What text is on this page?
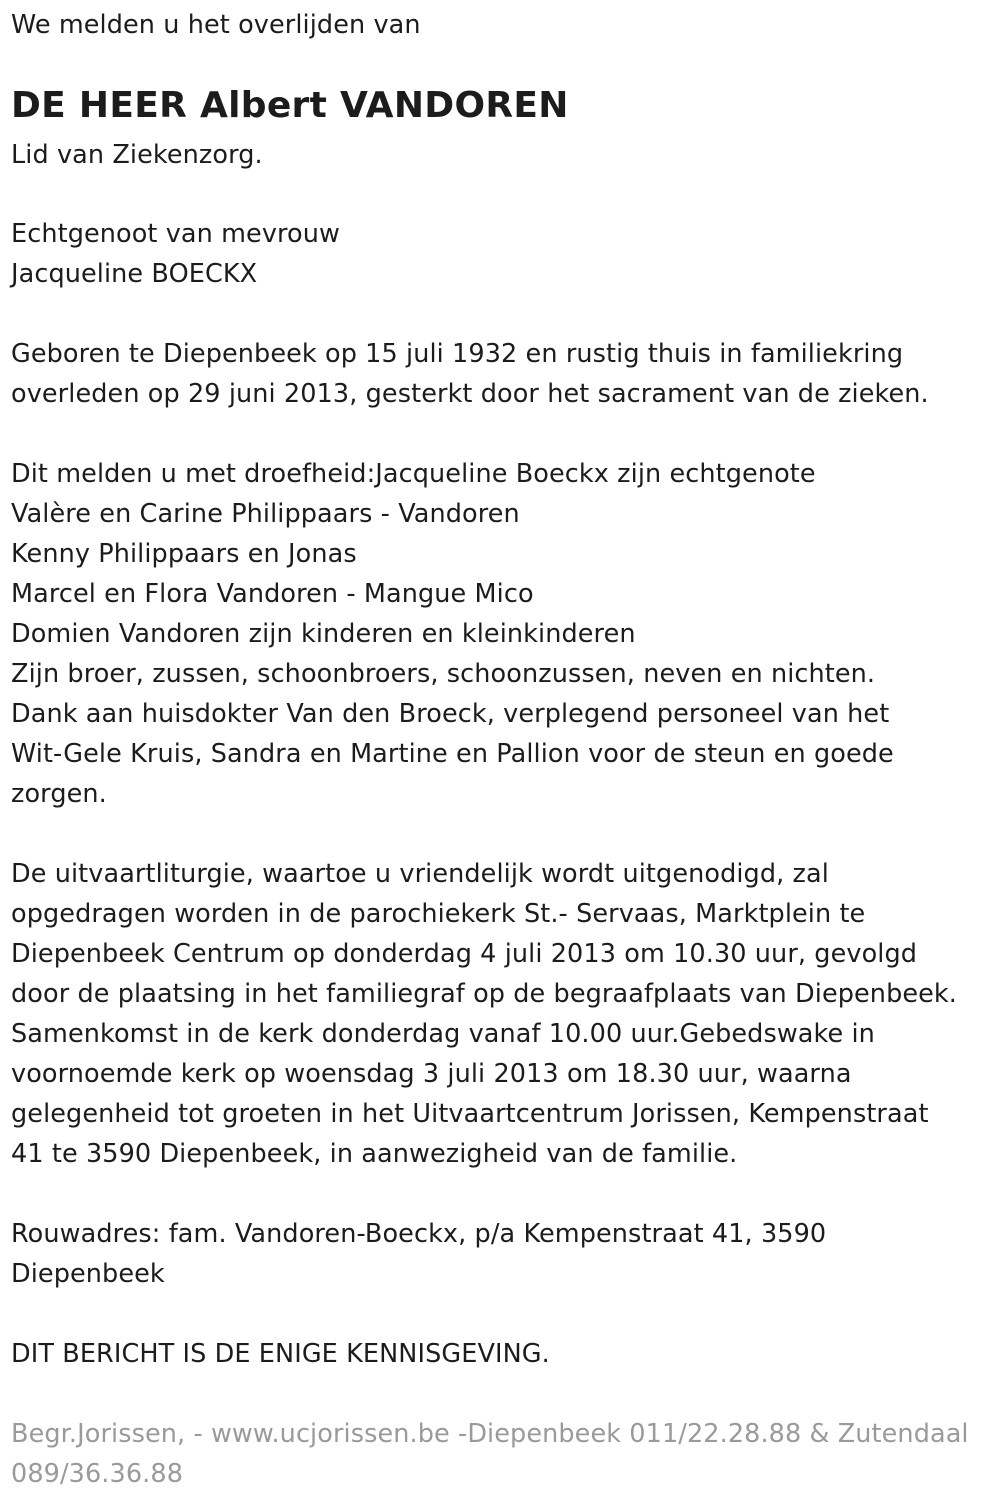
We melden u het overlijden van
DE HEER Albert VANDOREN
Lid van Ziekenzorg.
Echtgenoot van mevrouw
Jacqueline BOECKX
Geboren te Diepenbeek op 15 juli 1932 en rustig thuis in familiekring
overleden op 29 juni 2013, gesterkt door het sacrament van de zieken.
Dit melden u met droefheid:Jacqueline Boeckx zijn echtgenote
Valère en Carine Philippaars - Vandoren
Kenny Philippaars en Jonas
Marcel en Flora Vandoren - Mangue Mico
Domien Vandoren zijn kinderen en kleinkinderen
Zijn broer, zussen, schoonbroers, schoonzussen, neven en nichten.
Dank aan huisdokter Van den Broeck, verplegend personeel van het
Wit-Gele Kruis, Sandra en Martine en Pallion voor de steun en goede
zorgen.
De uitvaartliturgie, waartoe u vriendelijk wordt uitgenodigd, zal
opgedragen worden in de parochiekerk St.- Servaas, Marktplein te
Diepenbeek Centrum op donderdag 4 juli 2013 om 10.30 uur, gevolgd
door de plaatsing in het familiegraf op de begraafplaats van Diepenbeek.
Samenkomst in de kerk donderdag vanaf 10.00 uur.Gebedswake in
voornoemde kerk op woensdag 3 juli 2013 om 18.30 uur, waarna
gelegenheid tot groeten in het Uitvaartcentrum Jorissen, Kempenstraat
41 te 3590 Diepenbeek, in aanwezigheid van de familie.
Rouwadres: fam. Vandoren-Boeckx, p/a Kempenstraat 41, 3590
Diepenbeek
DIT BERICHT IS DE ENIGE KENNISGEVING.
Begr.Jorissen, - www.ucjorissen.be -Diepenbeek 011/22.28.88 & Zutendaal
089/36.36.88
